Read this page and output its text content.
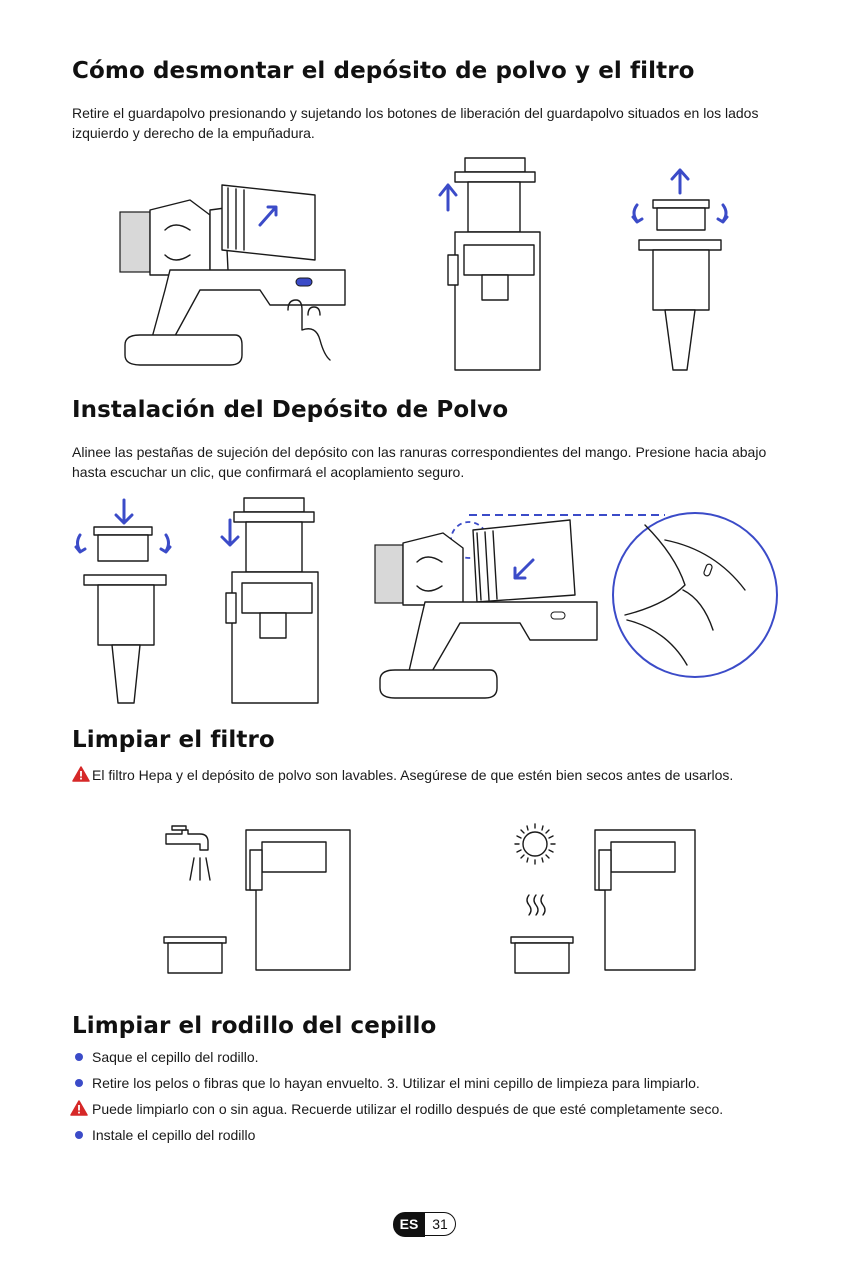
Cómo desmontar el depósito de polvo y el filtro

Retire el guardapolvo presionando y sujetando los botones de liberación del guardapolvo situados en los lados izquierdo y derecho de la empuñadura.

Instalación del Depósito de Polvo

Alinee las pestañas de sujeción del depósito con las ranuras correspondientes del mango. Presione hacia abajo hasta escuchar un clic, que confirmará el acoplamiento seguro.

Limpiar el filtro

El filtro Hepa y el depósito de polvo son lavables. Asegúrese de que estén bien secos antes de usarlos.

Limpiar el rodillo del cepillo
Saque el cepillo del rodillo.
Retire los pelos o fibras que lo hayan envuelto. 3. Utilizar el mini cepillo de limpieza para limpiarlo.
Puede limpiarlo con o sin agua. Recuerde utilizar el rodillo después de que esté completamente seco.
Instale el cepillo del rodillo
ES 31
